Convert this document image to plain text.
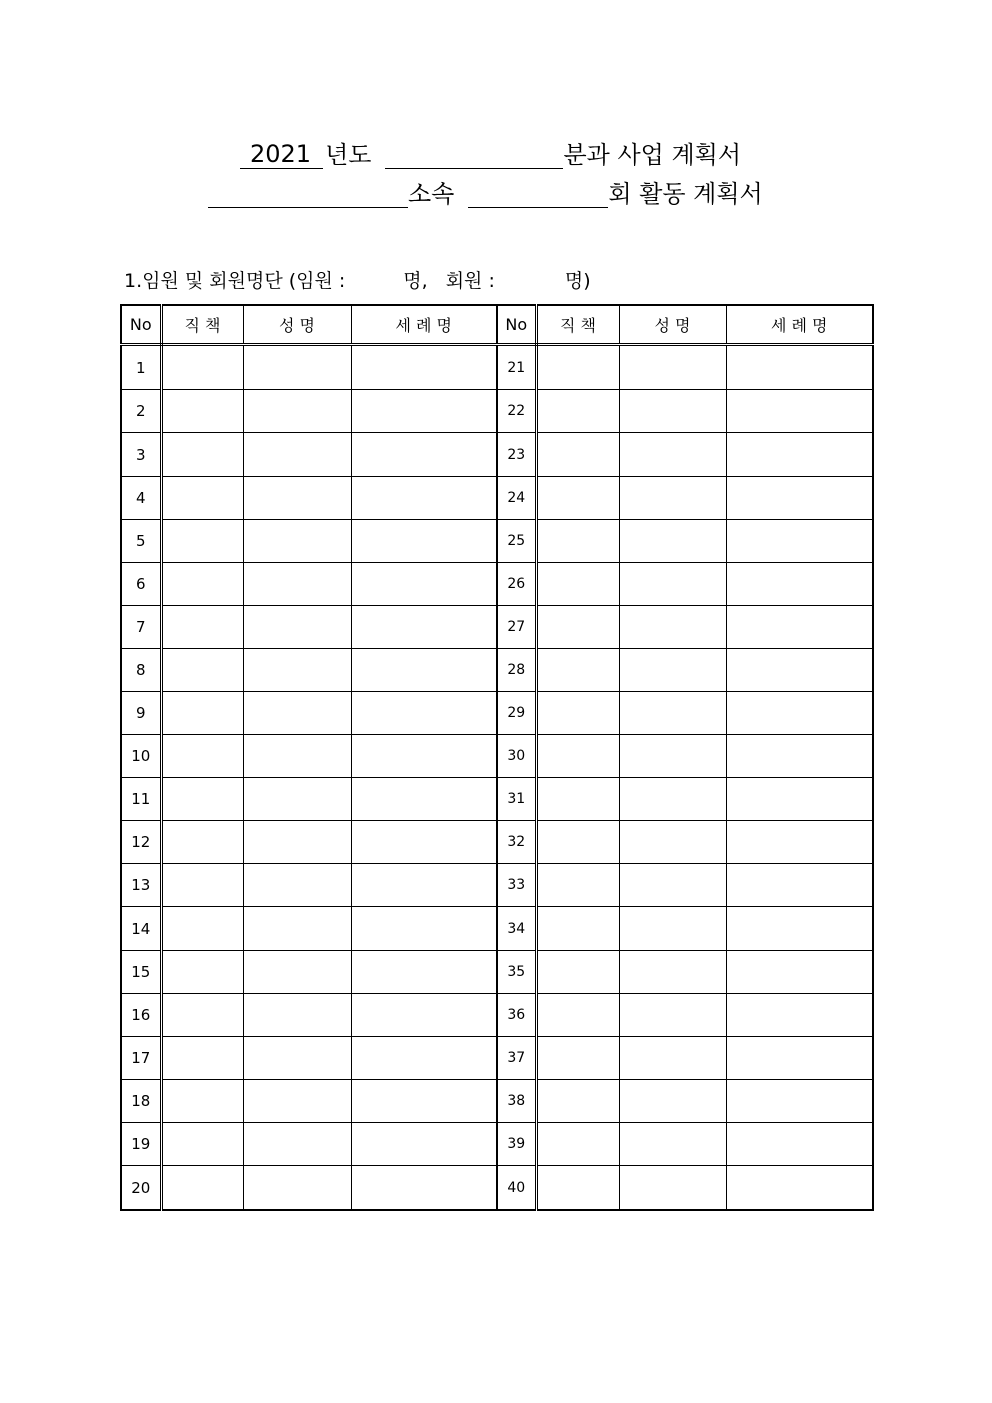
2021 년도	분과 사업 계획서
소속	회 활동 계획서
1.임원 및 회원명단 (임원 :	명, 회원 :	명)
No	직 책	성 명	세 례 명	No	직 책	성 명	세 례 명
1				21			
2				22			
3				23			
4				24			
5				25			
6				26			
7				27			
8				28			
9				29			
10				30			
11				31			
12				32			
13				33			
14				34			
15				35			
16				36			
17				37			
18				38			
19				39			
20				40			
